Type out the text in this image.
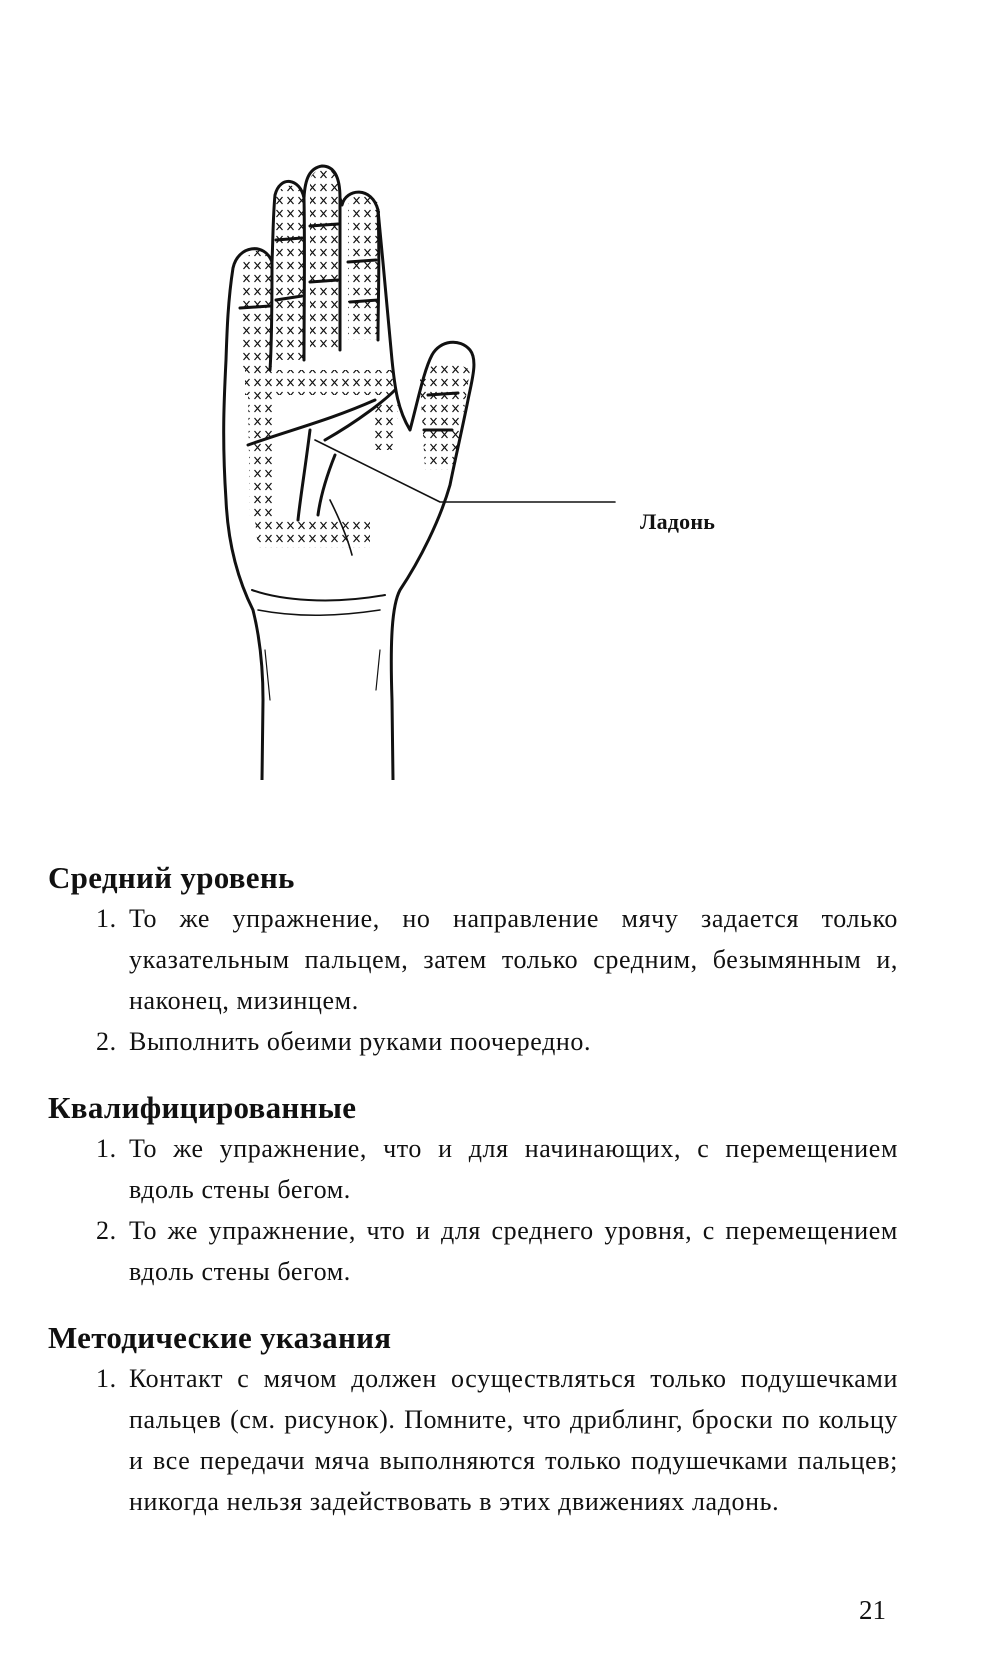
Ладонь
Средний уровень
1. То же упражнение, но направление мячу задается только указательным пальцем, затем только средним, безымянным и, наконец, мизинцем.
2. Выполнить обеими руками поочередно.
Квалифицированные
1. То же упражнение, что и для начинающих, с перемещением вдоль стены бегом.
2. То же упражнение, что и для среднего уровня, с перемещением вдоль стены бегом.
Методические указания
1. Контакт с мячом должен осуществляться только подушечками пальцев (см. рисунок). Помните, что дриблинг, броски по кольцу и все передачи мяча выполняются только подушечками пальцев; никогда нельзя задействовать в этих движениях ладонь.
21
